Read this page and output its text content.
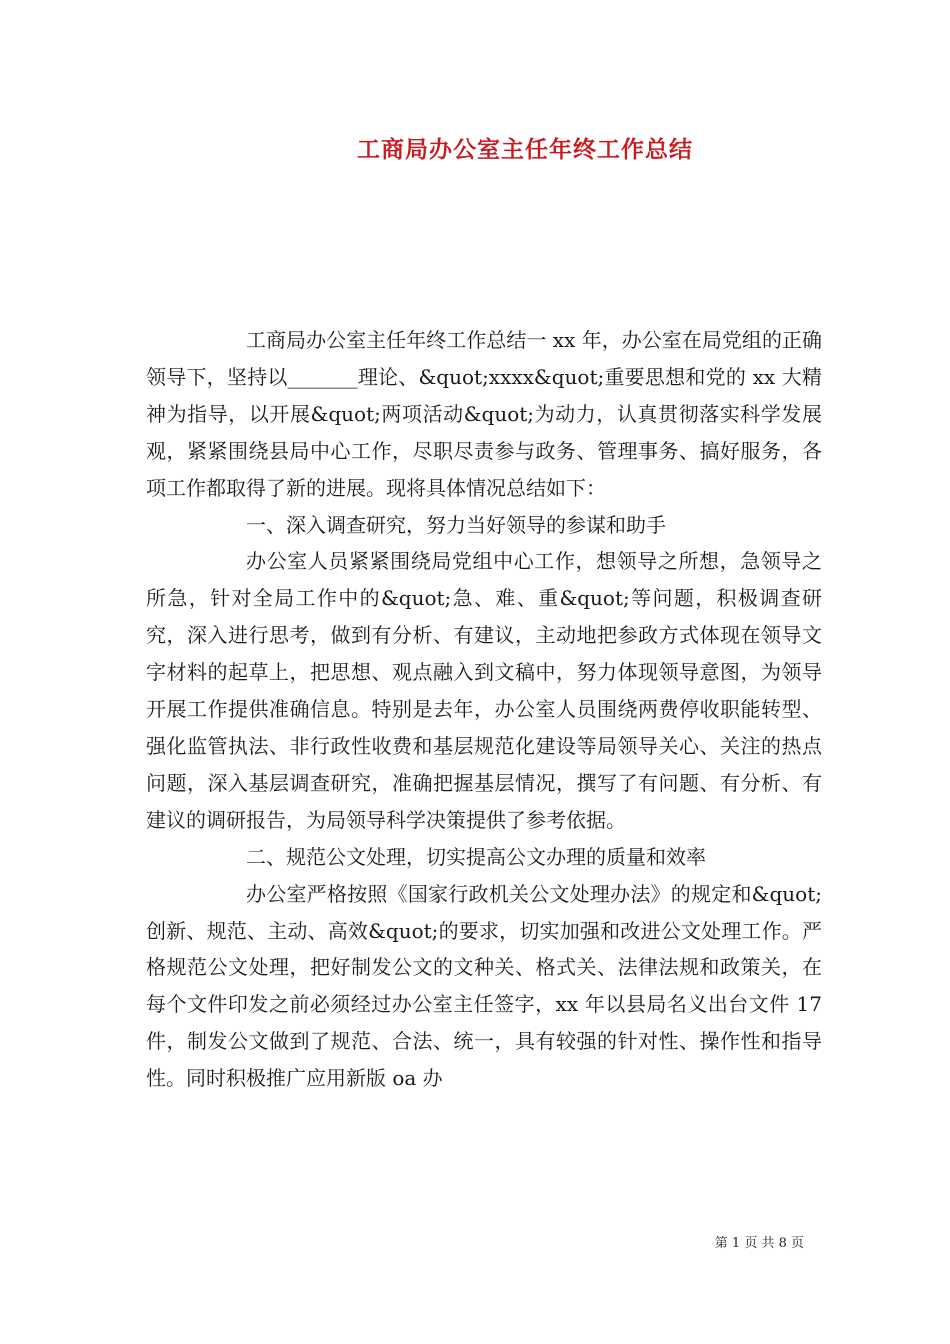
工商局办公室主任年终工作总结

工商局办公室主任年终工作总结一 xx 年，办公室在局党组的正确领导下，坚持以_______理论、&quot;xxxx&quot;重要思想和党的 xx 大精神为指导，以开展&quot;两项活动&quot;为动力，认真贯彻落实科学发展观，紧紧围绕县局中心工作，尽职尽责参与政务、管理事务、搞好服务，各项工作都取得了新的进展。现将具体情况总结如下：

一、深入调查研究，努力当好领导的参谋和助手

办公室人员紧紧围绕局党组中心工作，想领导之所想，急领导之所急，针对全局工作中的&quot;急、难、重&quot;等问题，积极调查研究，深入进行思考，做到有分析、有建议，主动地把参政方式体现在领导文字材料的起草上，把思想、观点融入到文稿中，努力体现领导意图，为领导开展工作提供准确信息。特别是去年，办公室人员围绕两费停收职能转型、强化监管执法、非行政性收费和基层规范化建设等局领导关心、关注的热点问题，深入基层调查研究，准确把握基层情况，撰写了有问题、有分析、有建议的调研报告，为局领导科学决策提供了参考依据。

二、规范公文处理，切实提高公文办理的质量和效率

办公室严格按照《国家行政机关公文处理办法》的规定和&quot;创新、规范、主动、高效&quot;的要求，切实加强和改进公文处理工作。严格规范公文处理，把好制发公文的文种关、格式关、法律法规和政策关，在每个文件印发之前必须经过办公室主任签字，xx 年以县局名义出台文件 17 件，制发公文做到了规范、合法、统一，具有较强的针对性、操作性和指导性。同时积极推广应用新版 oa 办

第 1 页 共 8 页
